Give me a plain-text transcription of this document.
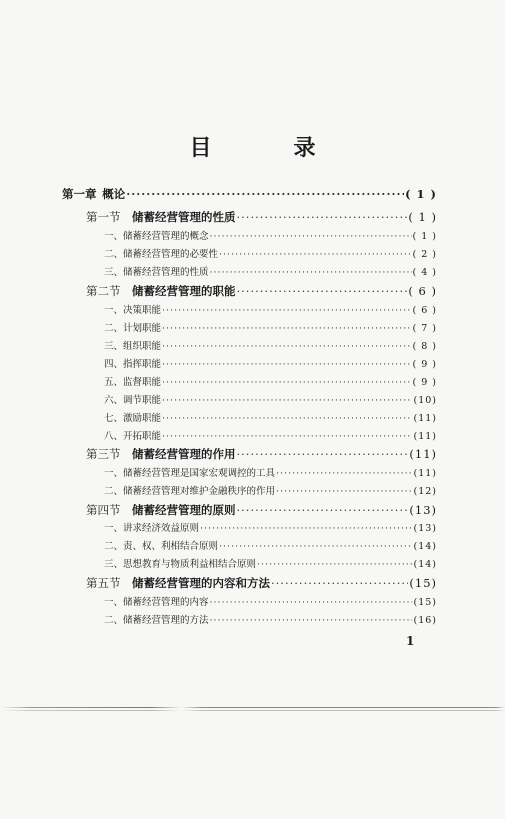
目　录
第一章  概论 ·····	( 1 )
第一节  储蓄经营管理的性质 ·····	( 1 )
一、储蓄经营管理的概念 ·····	( 1 )
二、储蓄经营管理的必要性 ·····	( 2 )
三、储蓄经营管理的性质 ·····	( 4 )
第二节  储蓄经营管理的职能 ·····	( 6 )
一、决策职能 ·····	( 6 )
二、计划职能 ·····	( 7 )
三、组织职能 ·····	( 8 )
四、指挥职能 ·····	( 9 )
五、监督职能 ·····	( 9 )
六、调节职能 ·····	(10)
七、激励职能 ·····	(11)
八、开拓职能 ·····	(11)
第三节  储蓄经营管理的作用 ·····	(11)
一、储蓄经营管理是国家宏观调控的工具 ·····	(11)
二、储蓄经营管理对维护金融秩序的作用 ·····	(12)
第四节  储蓄经营管理的原则 ·····	(13)
一、讲求经济效益原则 ·····	(13)
二、责、权、利相结合原则 ·····	(14)
三、思想教育与物质利益相结合原则 ·····	(14)
第五节  储蓄经营管理的内容和方法 ·····	(15)
一、储蓄经营管理的内容 ·····	(15)
二、储蓄经营管理的方法 ·····	(16)
1
